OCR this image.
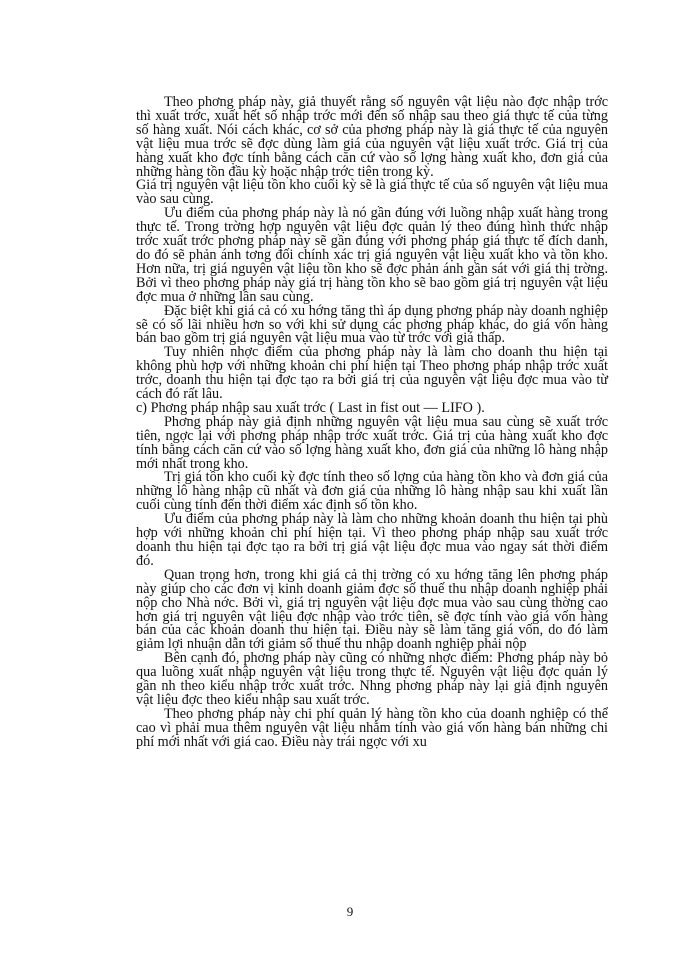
Theo phơng pháp này, giả thuyết rằng số nguyên vật liệu nào đợc nhập trớc thì xuất trớc, xuất hết số nhập trớc mới đến số nhập sau theo giá thực tế của từng số hàng xuất. Nói cách khác, cơ sở của phơng pháp này là giá thực tế của nguyên vật liệu mua trớc sẽ đợc dùng làm giá của nguyên vật liệu xuất trớc. Giá trị của hàng xuất kho đợc tính bằng cách căn cứ vào số lợng hàng xuất kho, đơn giá của những hàng tồn đầu kỳ hoặc nhập trớc tiên trong kỳ.

Giá trị nguyên vật liệu tồn kho cuối kỳ sẽ là giá thực tế của số nguyên vật liệu mua vào sau cùng.

Ưu điểm của phơng pháp này là nó gần đúng với luồng nhập xuất hàng trong thực tế. Trong trờng hợp nguyên vật liệu đợc quản lý theo đúng hình thức nhập trớc xuất trớc phơng pháp này sẽ gần đúng với phơng pháp giá thực tế đích danh, do đó sẽ phản ánh tơng đối chính xác trị giá nguyên vật liệu xuất kho và tồn kho. Hơn nữa, trị giá nguyên vật liệu tồn kho sẽ đợc phản ánh gần sát với giá thị trờng. Bởi vì theo phơng pháp này giá trị hàng tồn kho sẽ bao gồm giá trị nguyên vật liệu đợc mua ở những lần sau cùng.

Đặc biệt khi giá cả có xu hớng tăng thì áp dụng phơng pháp này doanh nghiệp sẽ có số lãi nhiều hơn so với khi sử dụng các phơng pháp khác, do giá vốn hàng bán bao gồm trị giá nguyên vật liệu mua vào từ trớc với giá thấp.

Tuy nhiên nhợc điểm của phơng pháp này là làm cho doanh thu hiện tại không phù hợp với những khoản chi phí hiện tại Theo phơng pháp nhập trớc xuất trớc, doanh thu hiện tại đợc tạo ra bởi giá trị của nguyên vật liệu đợc mua vào từ cách đó rất lâu.

c) Phơng pháp nhập sau xuất trớc ( Last in fist out — LIFO ).

Phơng pháp này giả định những nguyên vật liệu mua sau cùng sẽ xuất trớc tiên, ngợc lại với phơng pháp nhập trớc xuất trớc. Giá trị của hàng xuất kho đợc tính bằng cách căn cứ vào số lợng hàng xuất kho, đơn giá của những lô hàng nhập mới nhất trong kho.

Trị giá tồn kho cuối kỳ đợc tính theo số lợng của hàng tồn kho và đơn giá của những lô hàng nhập cũ nhất và đơn giá của những lô hàng nhập sau khi xuất lần cuối cùng tính đến thời điểm xác định số tồn kho.

Ưu điểm của phơng pháp này là làm cho những khoản doanh thu hiện tại phù hợp với những khoản chi phí hiện tại. Vì theo phơng pháp nhập sau xuất trớc doanh thu hiện tại đợc tạo ra bởi trị giá vật liệu đợc mua vào ngay sát thời điểm đó.

Quan trọng hơn, trong khi giá cả thị trờng có xu hớng tăng lên phơng pháp này giúp cho các đơn vị kinh doanh giảm đợc số thuế thu nhập doanh nghiệp phải nộp cho Nhà nớc. Bởi vì, giá trị nguyên vật liệu đợc mua vào sau cùng thờng cao hơn giá trị nguyên vật liệu đợc nhập vào trớc tiên, sẽ đợc tính vào giá vốn hàng bán của các khoản doanh thu hiện tại. Điều này sẽ làm tăng giá vốn, do đó làm giảm lợi nhuận dẫn tới giảm số thuế thu nhập doanh nghiệp phải nộp

Bên cạnh đó, phơng pháp này cũng có những nhợc điểm: Phơng pháp này bỏ qua luồng xuất nhập nguyên vật liệu trong thực tế. Nguyên vật liệu đợc quản lý gần nh theo kiểu nhập trớc xuất trớc. Nhng phơng pháp này lại giả định nguyên vật liệu đợc theo kiểu nhập sau xuất trớc.

Theo phơng pháp này chi phí quản lý hàng tồn kho của doanh nghiệp có thể cao vì phải mua thêm nguyên vật liệu nhằm tính vào giá vốn hàng bán những chi phí mới nhất với giá cao. Điều này trái ngợc với xu

9
